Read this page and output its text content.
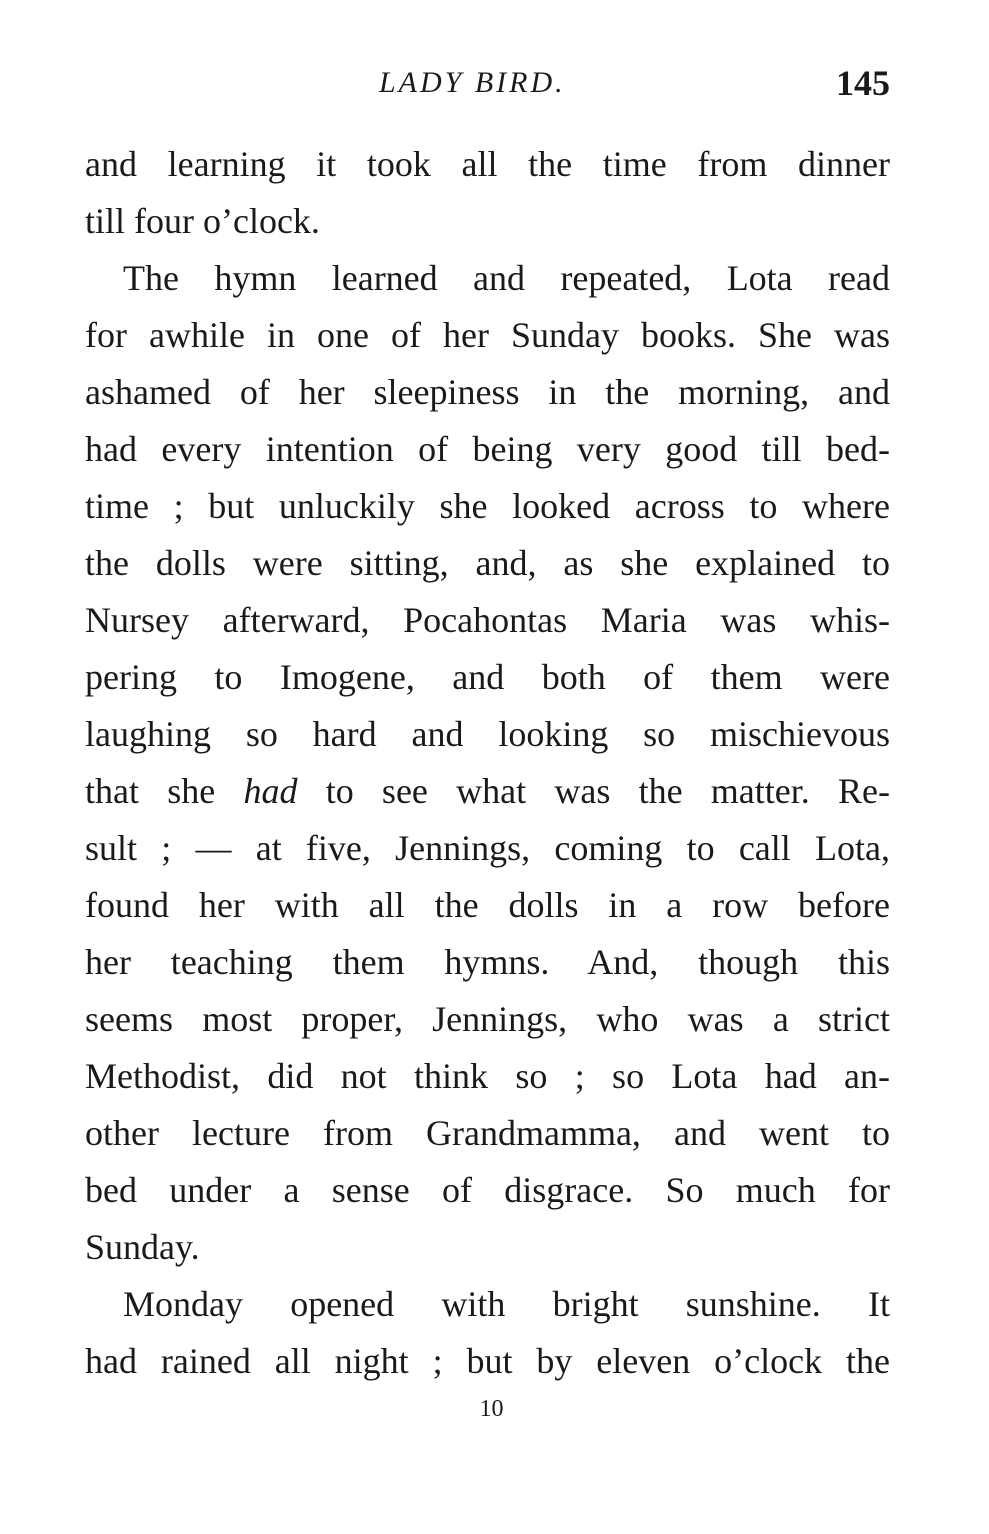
LADY BIRD.	145
and learning it took all the time from dinner
till four o’clock.
The hymn learned and repeated, Lota read
for awhile in one of her Sunday books. She was
ashamed of her sleepiness in the morning, and
had every intention of being very good till bed-
time ; but unluckily she looked across to where
the dolls were sitting, and, as she explained to
Nursey afterward, Pocahontas Maria was whis-
pering to Imogene, and both of them were
laughing so hard and looking so mischievous
that she had to see what was the matter. Re-
sult ; — at five, Jennings, coming to call Lota,
found her with all the dolls in a row before
her teaching them hymns. And, though this
seems most proper, Jennings, who was a strict
Methodist, did not think so ; so Lota had an-
other lecture from Grandmamma, and went to
bed under a sense of disgrace. So much for
Sunday.
Monday opened with bright sunshine. It
had rained all night ; but by eleven o’clock the
10
